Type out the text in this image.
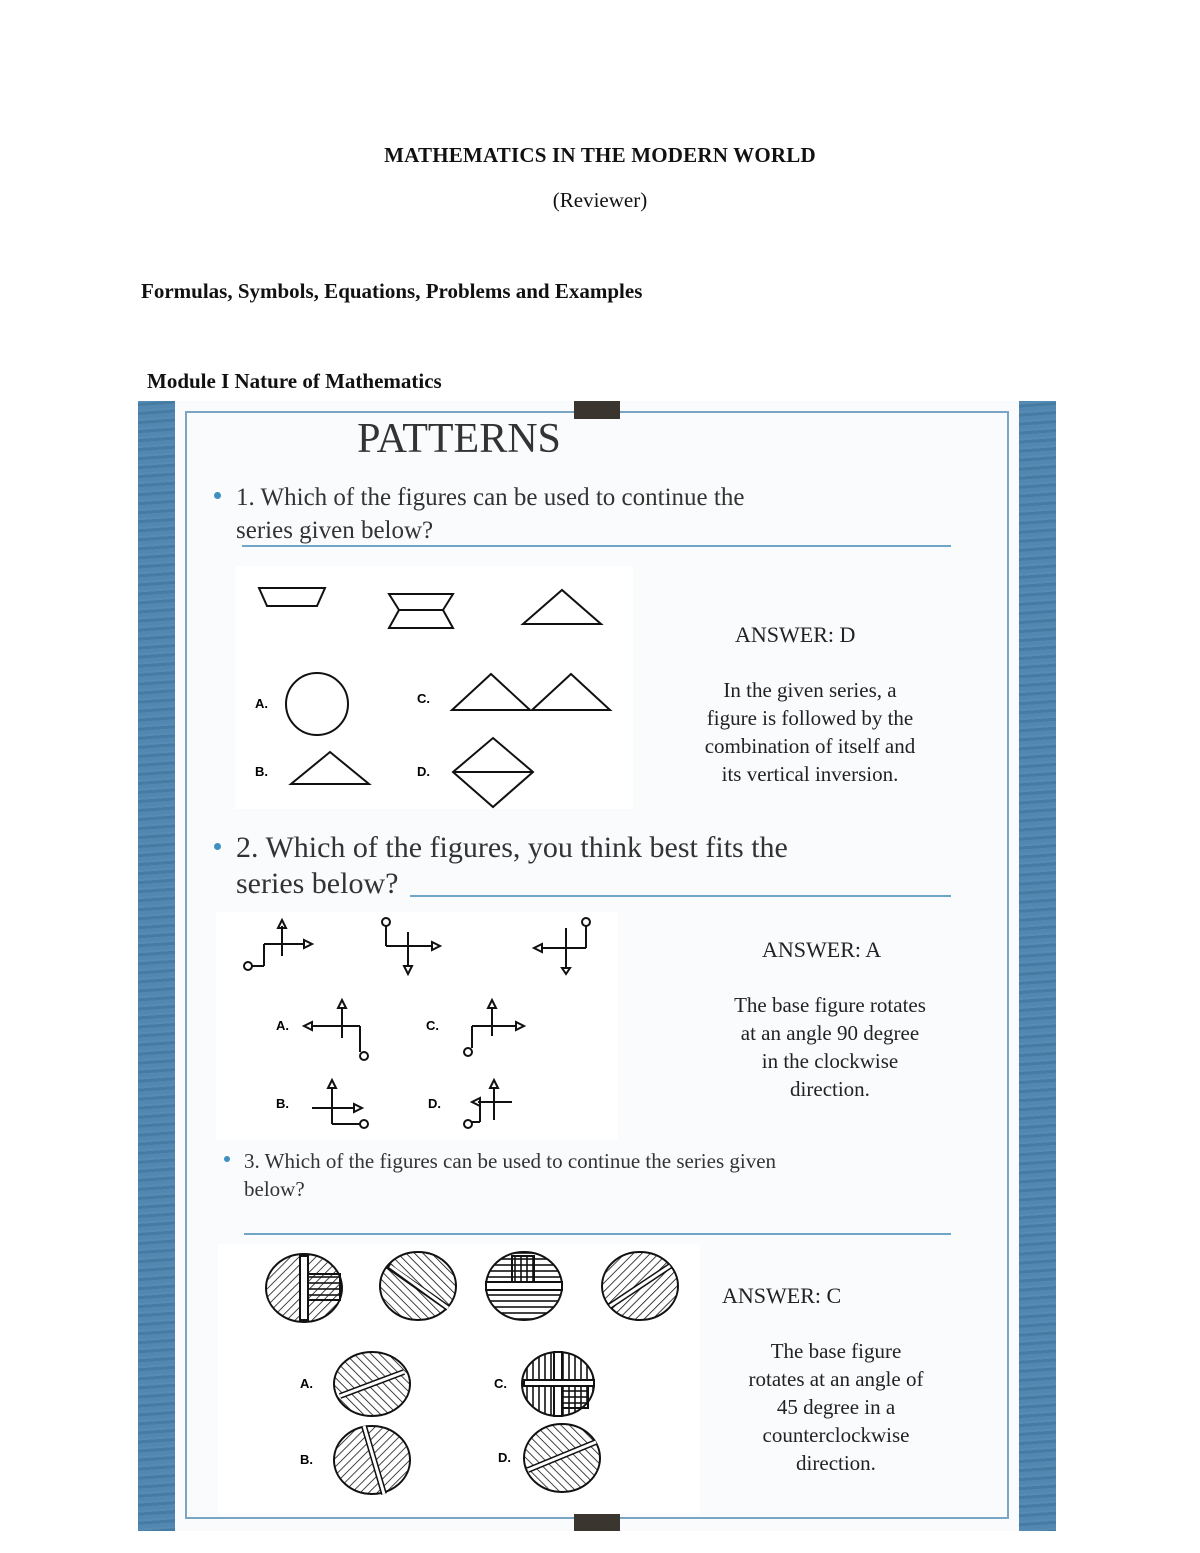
MATHEMATICS IN THE MODERN WORLD
(Reviewer)
Formulas, Symbols, Equations, Problems and Examples
Module I Nature of Mathematics
PATTERNS
1. Which of the figures can be used to continue the
series given below?
A.
B.
C.
D.
ANSWER: D
In the given series, a
figure is followed by the
combination of itself and
its vertical inversion.
2. Which of the figures, you think best fits the
series below?
A.
B.
C.
D.
ANSWER: A
The base figure rotates
at an angle 90 degree
in the clockwise
direction.
3. Which of the figures can be used to continue the series given
below?
A.
B.
C.
D.
ANSWER: C
The base figure
rotates at an angle of
45 degree in a
counterclockwise
direction.
